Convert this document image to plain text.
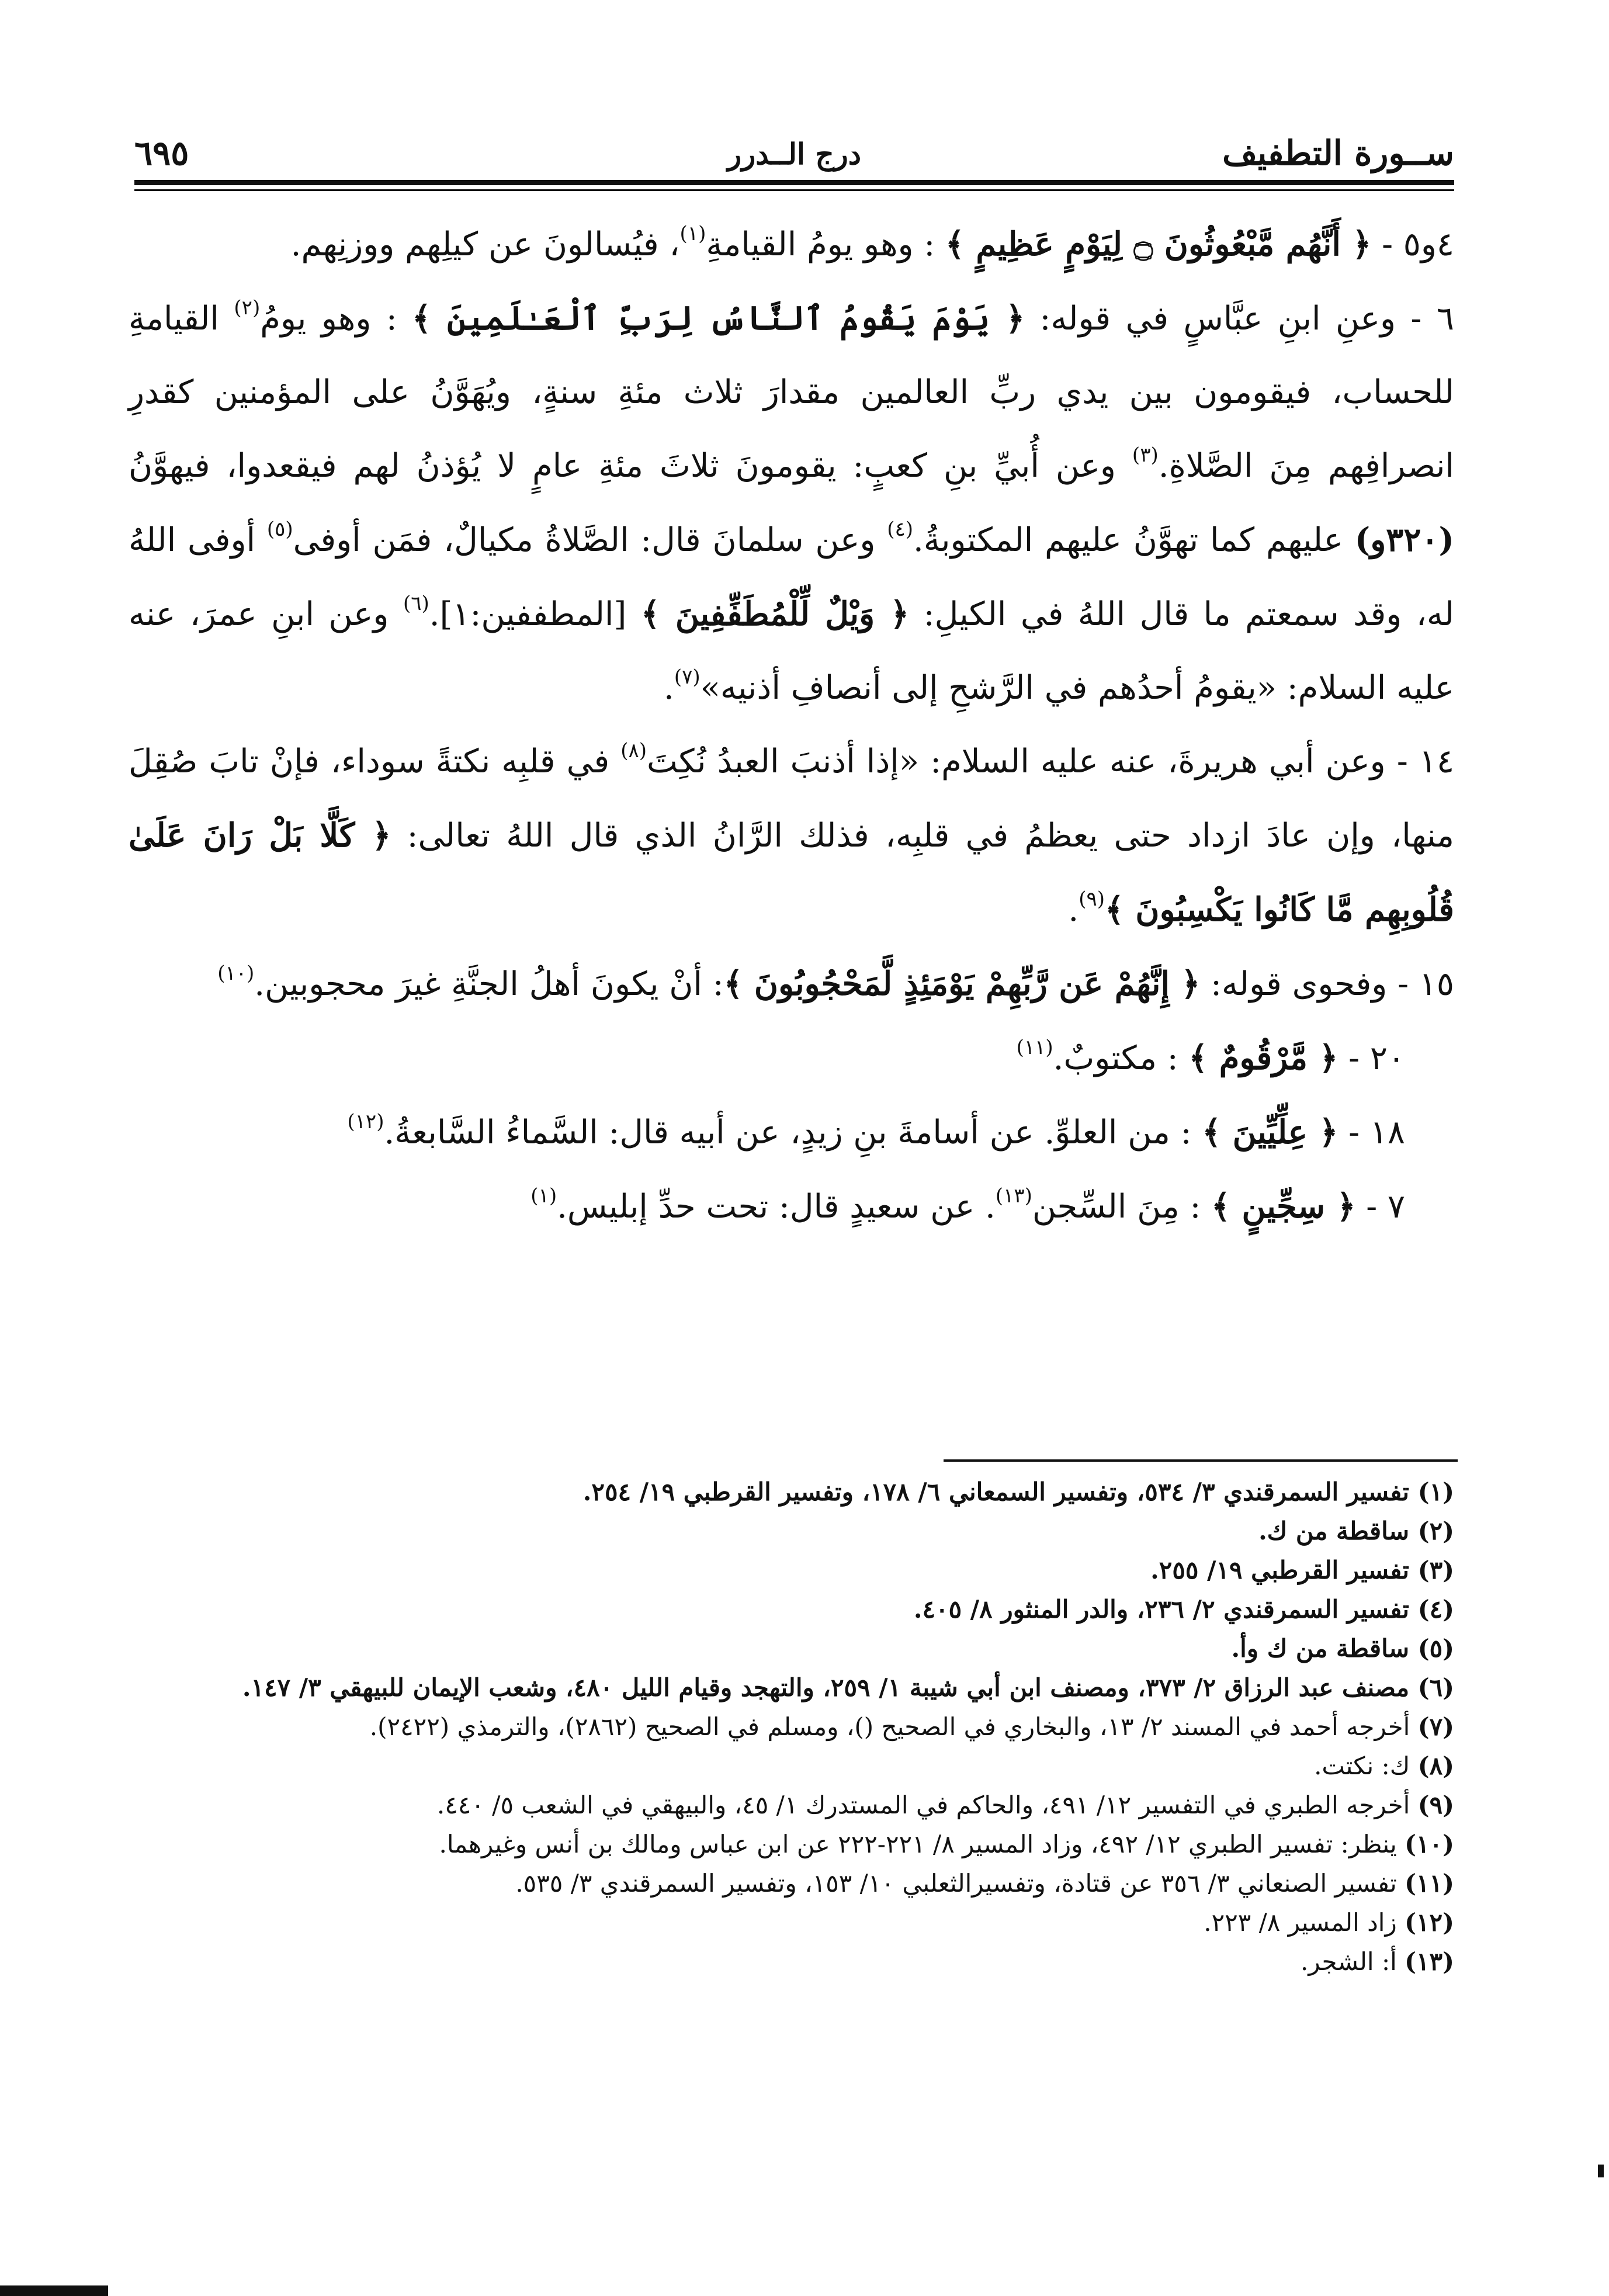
ســورة التطفيف
درج الــدرر
٦٩٥

٤و٥ - ﴿ أَنَّهُم مَّبْعُوثُونَ ۝ لِيَوْمٍ عَظِيمٍ ﴾ : وهو يومُ القيامةِ$^{(١)}$، فيُسالونَ عن كيلِهم ووزنِهم.

٦ - وعنِ ابنِ عبَّاسٍ في قوله: ﴿ يَوْمَ يَقُومُ ٱلنَّاسُ لِرَبِّ ٱلْعَـٰلَمِينَ ﴾ : وهو يومُ$^{(٢)}$ القيامةِ للحساب، فيقومون بين يدي ربِّ العالمين مقدارَ ثلاث مئةِ سنةٍ، ويُهَوَّنُ على المؤمنين كقدرِ انصرافِهم مِنَ الصَّلاةِ.$^{(٣)}$ وعن أُبيِّ بنِ كعبٍ: يقومونَ ثلاثَ مئةِ عامٍ لا يُؤذنُ لهم فيقعدوا، فيهوَّنُ (٣٢٠و) عليهم كما تهوَّنُ عليهم المكتوبةُ.$^{(٤)}$ وعن سلمانَ قال: الصَّلاةُ مكيالٌ، فمَن أوفى$^{(٥)}$ أوفى اللهُ له، وقد سمعتم ما قال اللهُ في الكيلِ: ﴿ وَيْلٌ لِّلْمُطَفِّفِينَ ﴾ [المطففين:١].$^{(٦)}$ وعن ابنِ عمرَ، عنه عليه السلام: «يقومُ أحدُهم في الرَّشحِ إلى أنصافِ أذنيه»$^{(٧)}$.

١٤ - وعن أبي هريرةَ، عنه عليه السلام: «إذا أذنبَ العبدُ نُكِتَ$^{(٨)}$ في قلبِه نكتةً سوداء، فإنْ تابَ صُقِلَ منها، وإن عادَ ازداد حتى يعظمُ في قلبِه، فذلك الرَّانُ الذي قال اللهُ تعالى: ﴿ كَلَّا بَلْ رَانَ عَلَىٰ قُلُوبِهِم مَّا كَانُوا يَكْسِبُونَ ﴾$^{(٩)}$.

١٥ - وفحوى قوله: ﴿ إِنَّهُمْ عَن رَّبِّهِمْ يَوْمَئِذٍ لَّمَحْجُوبُونَ ﴾: أنْ يكونَ أهلُ الجنَّةِ غيرَ محجوبين.$^{(١٠)}$

٢٠ - ﴿ مَّرْقُومٌ ﴾ : مكتوبٌ.$^{(١١)}$

١٨ - ﴿ عِلِّيِّينَ ﴾ : من العلوِّ. عن أسامةَ بنِ زيدٍ، عن أبيه قال: السَّماءُ السَّابعةُ.$^{(١٢)}$

٧ - ﴿ سِجِّينٍ ﴾ : مِنَ السِّجن$^{(١٣)}$. عن سعيدٍ قال: تحت حدِّ إبليس.$^{(١)}$

(١) تفسير السمرقندي ٣/ ٥٣٤، وتفسير السمعاني ٦/ ١٧٨، وتفسير القرطبي ١٩/ ٢٥٤.

(٢) ساقطة من ك.

(٣) تفسير القرطبي ١٩/ ٢٥٥.

(٤) تفسير السمرقندي ٢/ ٢٣٦، والدر المنثور ٨/ ٤٠٥.

(٥) ساقطة من ك وأ.

(٦) مصنف عبد الرزاق ٢/ ٣٧٣، ومصنف ابن أبي شيبة ١/ ٢٥٩، والتهجد وقيام الليل ٤٨٠، وشعب الإيمان للبيهقي ٣/ ١٤٧.

(٧) أخرجه أحمد في المسند ٢/ ١٣، والبخاري في الصحيح ()، ومسلم في الصحيح (٢٨٦٢)، والترمذي (٢٤٢٢).

(٨) ك: نكتت.

(٩) أخرجه الطبري في التفسير ١٢/ ٤٩١، والحاكم في المستدرك ١/ ٤٥، والبيهقي في الشعب ٥/ ٤٤٠.

(١٠) ينظر: تفسير الطبري ١٢/ ٤٩٢، وزاد المسير ٨/ ٢٢١-٢٢٢ عن ابن عباس ومالك بن أنس وغيرهما.

(١١) تفسير الصنعاني ٣/ ٣٥٦ عن قتادة، وتفسيرالثعلبي ١٠/ ١٥٣، وتفسير السمرقندي ٣/ ٥٣٥.

(١٢) زاد المسير ٨/ ٢٢٣.

(١٣) أ: الشجر.
